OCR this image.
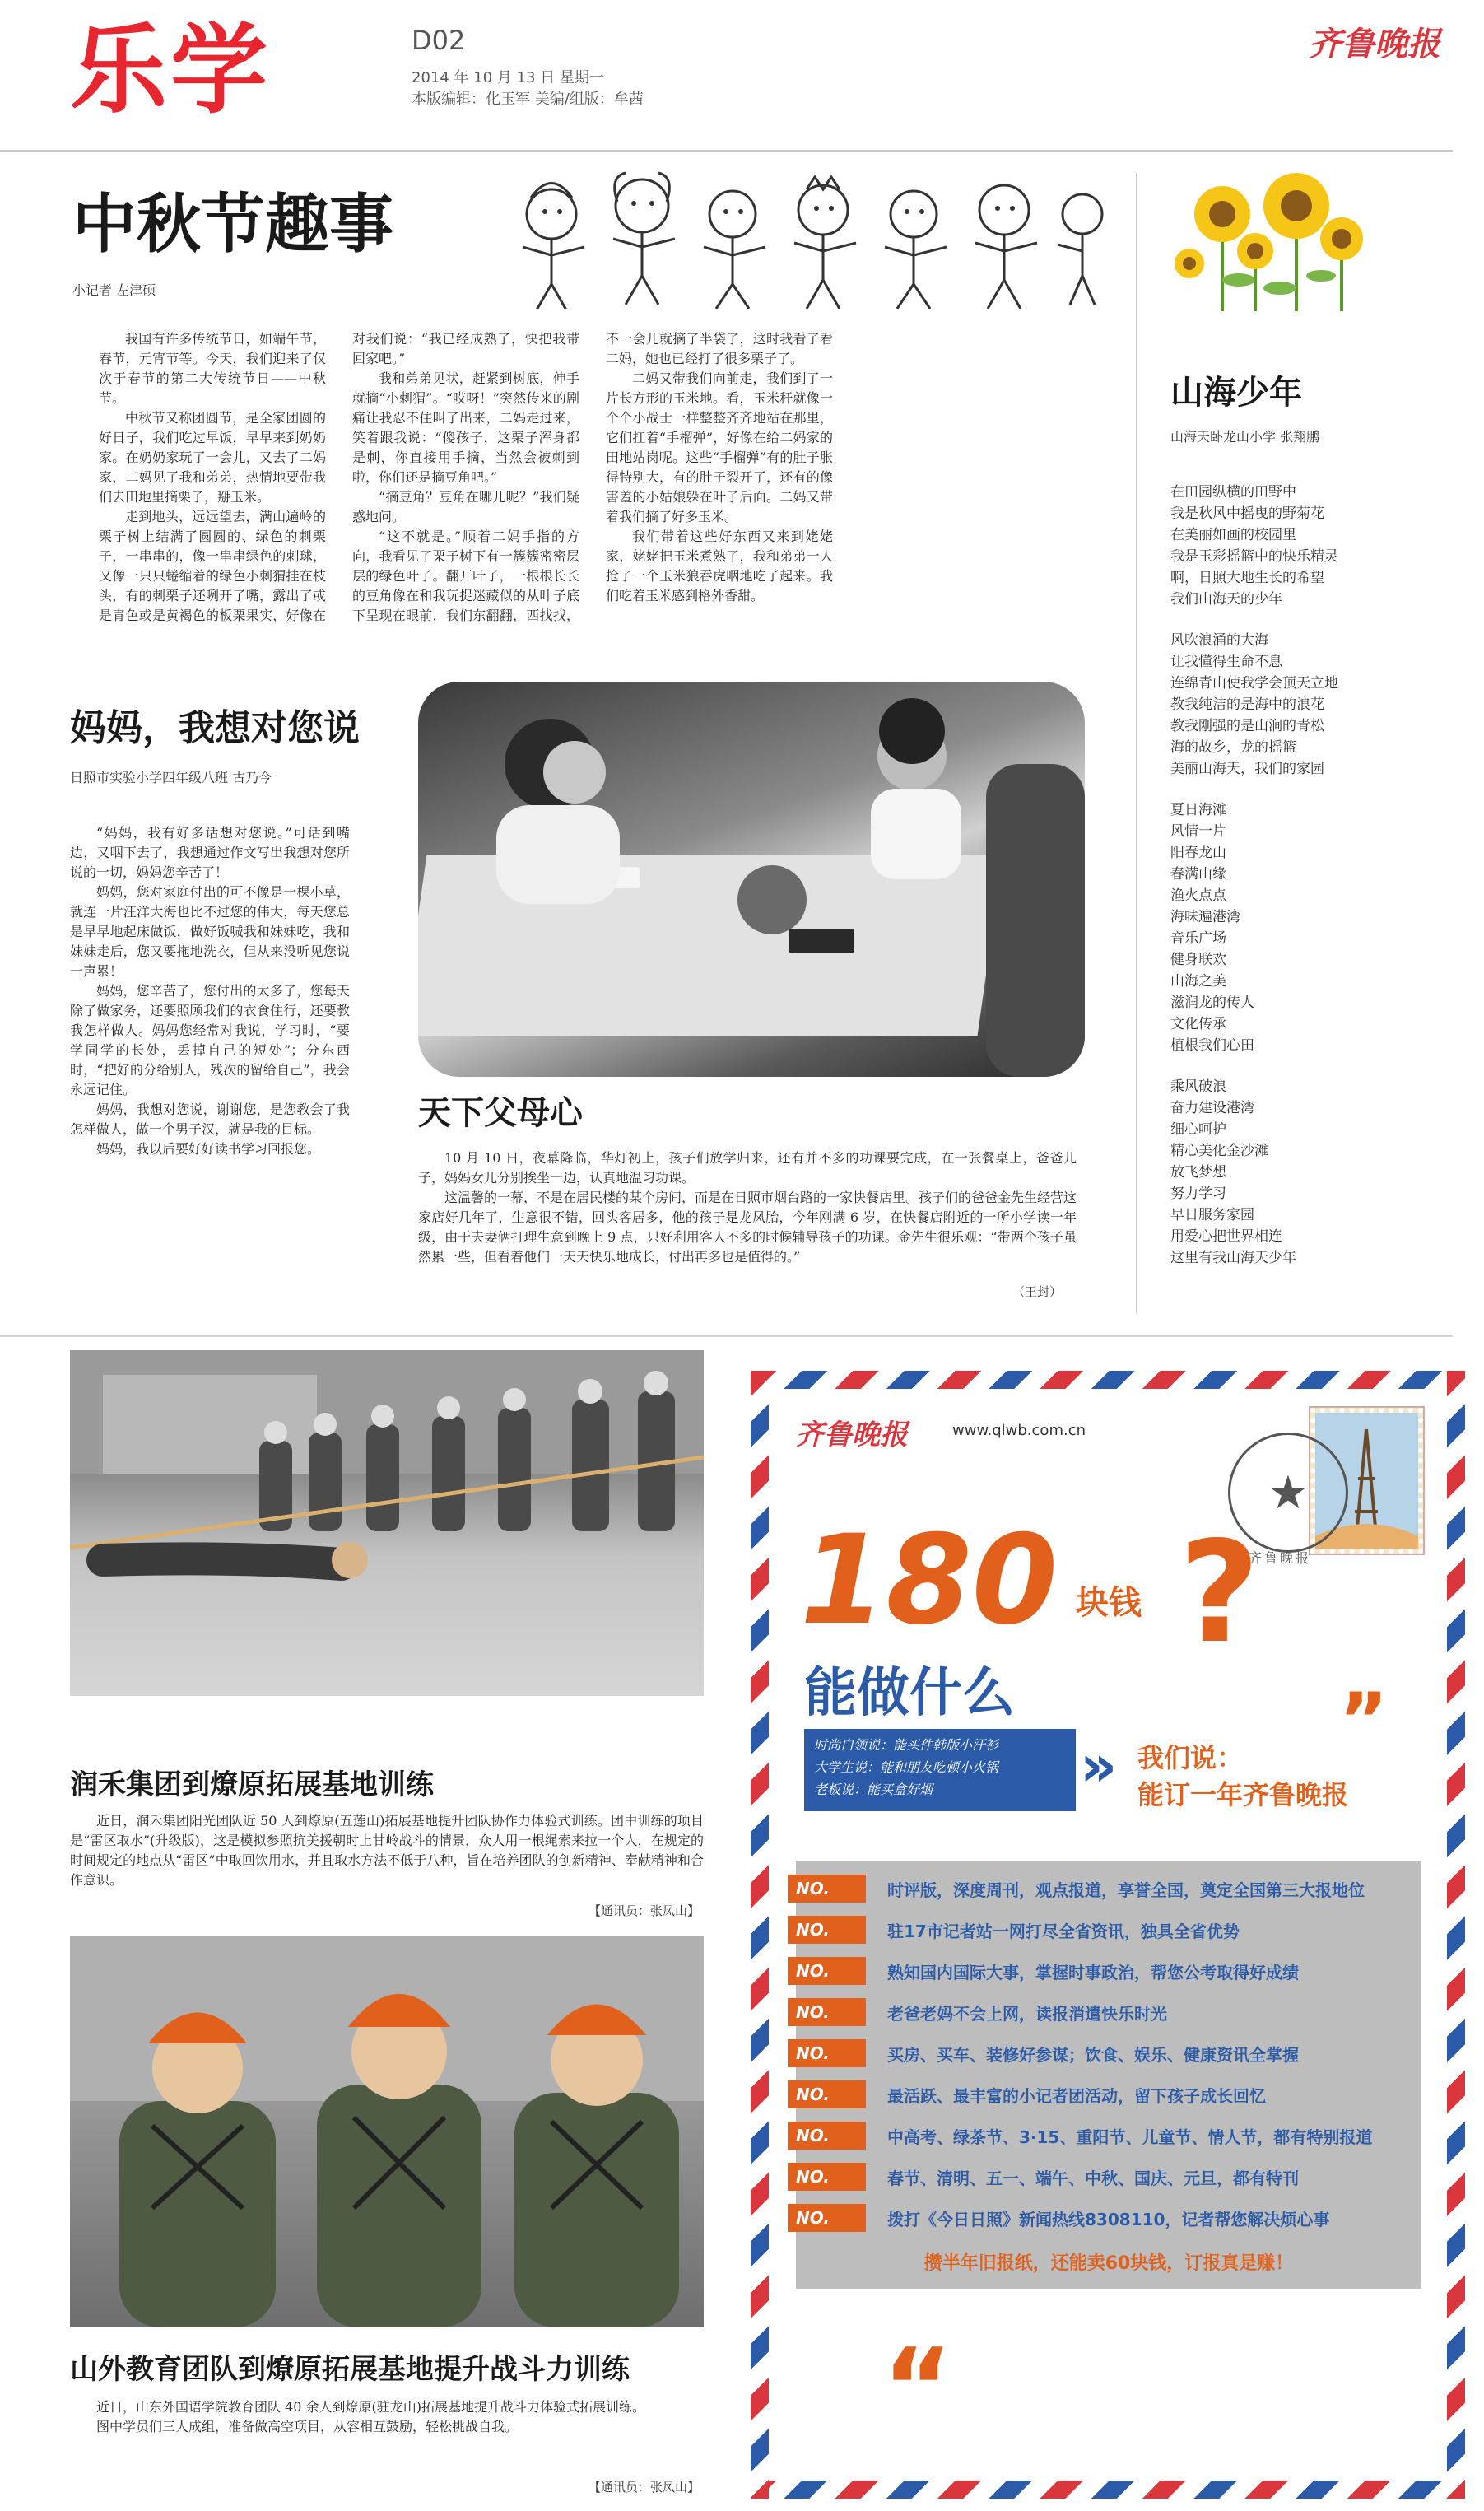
乐学	D02
2014 年 10 月 13 日 星期一
本版编辑：化玉军 美编/组版：牟茜
齐鲁晚报
中秋节趣事
小记者 左津硕

我国有许多传统节日，如端午节，春节，元宵节等。今天，我们迎来了仅次于春节的第二大传统节日——中秋节。

中秋节又称团圆节，是全家团圆的好日子，我们吃过早饭，早早来到奶奶家。在奶奶家玩了一会儿，又去了二妈家，二妈见了我和弟弟，热情地要带我们去田地里摘栗子，掰玉米。

走到地头，远远望去，满山遍岭的栗子树上结满了圆圆的、绿色的刺栗子，一串串的，像一串串绿色的刺球，又像一只只蜷缩着的绿色小刺猬挂在枝头，有的刺栗子还咧开了嘴，露出了或是青色或是黄褐色的板栗果实，好像在对我们说：“我已经成熟了，快把我带回家吧。”

我和弟弟见状，赶紧到树底，伸手就摘“小刺猬”。“哎呀！”突然传来的剧痛让我忍不住叫了出来，二妈走过来，笑着跟我说：“傻孩子，这栗子浑身都是刺，你直接用手摘，当然会被刺到啦，你们还是摘豆角吧。”

“摘豆角？豆角在哪儿呢？”我们疑惑地问。

“这不就是。”顺着二妈手指的方向，我看见了栗子树下有一簇簇密密层层的绿色叶子。翻开叶子，一根根长长的豆角像在和我玩捉迷藏似的从叶子底下呈现在眼前，我们东翻翻，西找找，不一会儿就摘了半袋了，这时我看了看二妈，她也已经打了很多栗子了。

二妈又带我们向前走，我们到了一片长方形的玉米地。看，玉米秆就像一个个小战士一样整整齐齐地站在那里，它们扛着“手榴弹”，好像在给二妈家的田地站岗呢。这些“手榴弹”有的肚子胀得特别大，有的肚子裂开了，还有的像害羞的小姑娘躲在叶子后面。二妈又带着我们摘了好多玉米。

我们带着这些好东西又来到姥姥家，姥姥把玉米煮熟了，我和弟弟一人抢了一个玉米狼吞虎咽地吃了起来。我们吃着玉米感到格外香甜。

山海少年
山海天卧龙山小学 张翔鹏
在田园纵横的田野中
我是秋风中摇曳的野菊花
在美丽如画的校园里
我是玉彩摇篮中的快乐精灵
啊，日照大地生长的希望
我们山海天的少年
风吹浪涌的大海
让我懂得生命不息
连绵青山使我学会顶天立地
教我纯洁的是海中的浪花
教我刚强的是山涧的青松
海的故乡，龙的摇篮
美丽山海天，我们的家园
夏日海滩
风情一片
阳春龙山
春满山缘
渔火点点
海味遍港湾
音乐广场
健身联欢
山海之美
滋润龙的传人
文化传承
植根我们心田
乘风破浪
奋力建设港湾
细心呵护
精心美化金沙滩
放飞梦想
努力学习
早日服务家园
用爱心把世界相连
这里有我山海天少年
妈妈，我想对您说
日照市实验小学四年级八班 古乃今

“妈妈，我有好多话想对您说。”可话到嘴边，又咽下去了，我想通过作文写出我想对您所说的一切，妈妈您辛苦了！

妈妈，您对家庭付出的可不像是一棵小草，就连一片汪洋大海也比不过您的伟大，每天您总是早早地起床做饭，做好饭喊我和妹妹吃，我和妹妹走后，您又要拖地洗衣，但从来没听见您说一声累！

妈妈，您辛苦了，您付出的太多了，您每天除了做家务，还要照顾我们的衣食住行，还要教我怎样做人。妈妈您经常对我说，学习时，“要学同学的长处，丢掉自己的短处”；分东西时，“把好的分给别人，残次的留给自己”，我会永远记住。

妈妈，我想对您说，谢谢您，是您教会了我怎样做人，做一个男子汉，就是我的目标。

妈妈，我以后要好好读书学习回报您。

天下父母心

10 月 10 日，夜幕降临，华灯初上，孩子们放学归来，还有并不多的功课要完成，在一张餐桌上，爸爸儿子，妈妈女儿分别挨坐一边，认真地温习功课。

这温馨的一幕，不是在居民楼的某个房间，而是在日照市烟台路的一家快餐店里。孩子们的爸爸金先生经营这家店好几年了，生意很不错，回头客居多，他的孩子是龙凤胎，今年刚满 6 岁，在快餐店附近的一所小学读一年级，由于夫妻俩打理生意到晚上 9 点，只好利用客人不多的时候辅导孩子的功课。金先生很乐观：“带两个孩子虽然累一些，但看着他们一天天快乐地成长，付出再多也是值得的。”

（王封）
润禾集团到燎原拓展基地训练

近日，润禾集团阳光团队近 50 人到燎原(五莲山)拓展基地提升团队协作力体验式训练。团中训练的项目是“雷区取水”(升级版)，这是模拟参照抗美援朝时上甘岭战斗的情景，众人用一根绳索来拉一个人，在规定的时间规定的地点从“雷区”中取回饮用水，并且取水方法不低于八种，旨在培养团队的创新精神、奉献精神和合作意识。

【通讯员：张凤山】
山外教育团队到燎原拓展基地提升战斗力训练

近日，山东外国语学院教育团队 40 余人到燎原(驻龙山)拓展基地提升战斗力体验式拓展训练。

图中学员们三人成组，准备做高空项目，从容相互鼓励，轻松挑战自我。

【通讯员：张凤山】
齐鲁晚报	www.qlwb.com.cn
★
齐鲁晚报
180 块钱 ?
能做什么
时尚白领说：能买件韩版小汗衫
大学生说：能和朋友吃顿小火锅
老板说：能买盒好烟	» 我们说：
能订一年齐鲁晚报
”
NO. 1	时评版，深度周刊，观点报道，享誉全国，奠定全国第三大报地位
NO. 2	驻17市记者站一网打尽全省资讯，独具全省优势
NO. 3	熟知国内国际大事，掌握时事政治，帮您公考取得好成绩
NO. 4	老爸老妈不会上网，读报消遣快乐时光
NO. 5	买房、买车、装修好参谋；饮食、娱乐、健康资讯全掌握
NO. 6	最活跃、最丰富的小记者团活动，留下孩子成长回忆
NO. 7	中高考、绿茶节、3·15、重阳节、儿童节、情人节，都有特别报道
NO. 8	春节、清明、五一、端午、中秋、国庆、元旦，都有特刊
NO. 9	拨打《今日日照》新闻热线8308110，记者帮您解决烦心事
攒半年旧报纸，还能卖60块钱，订报真是赚！
“
